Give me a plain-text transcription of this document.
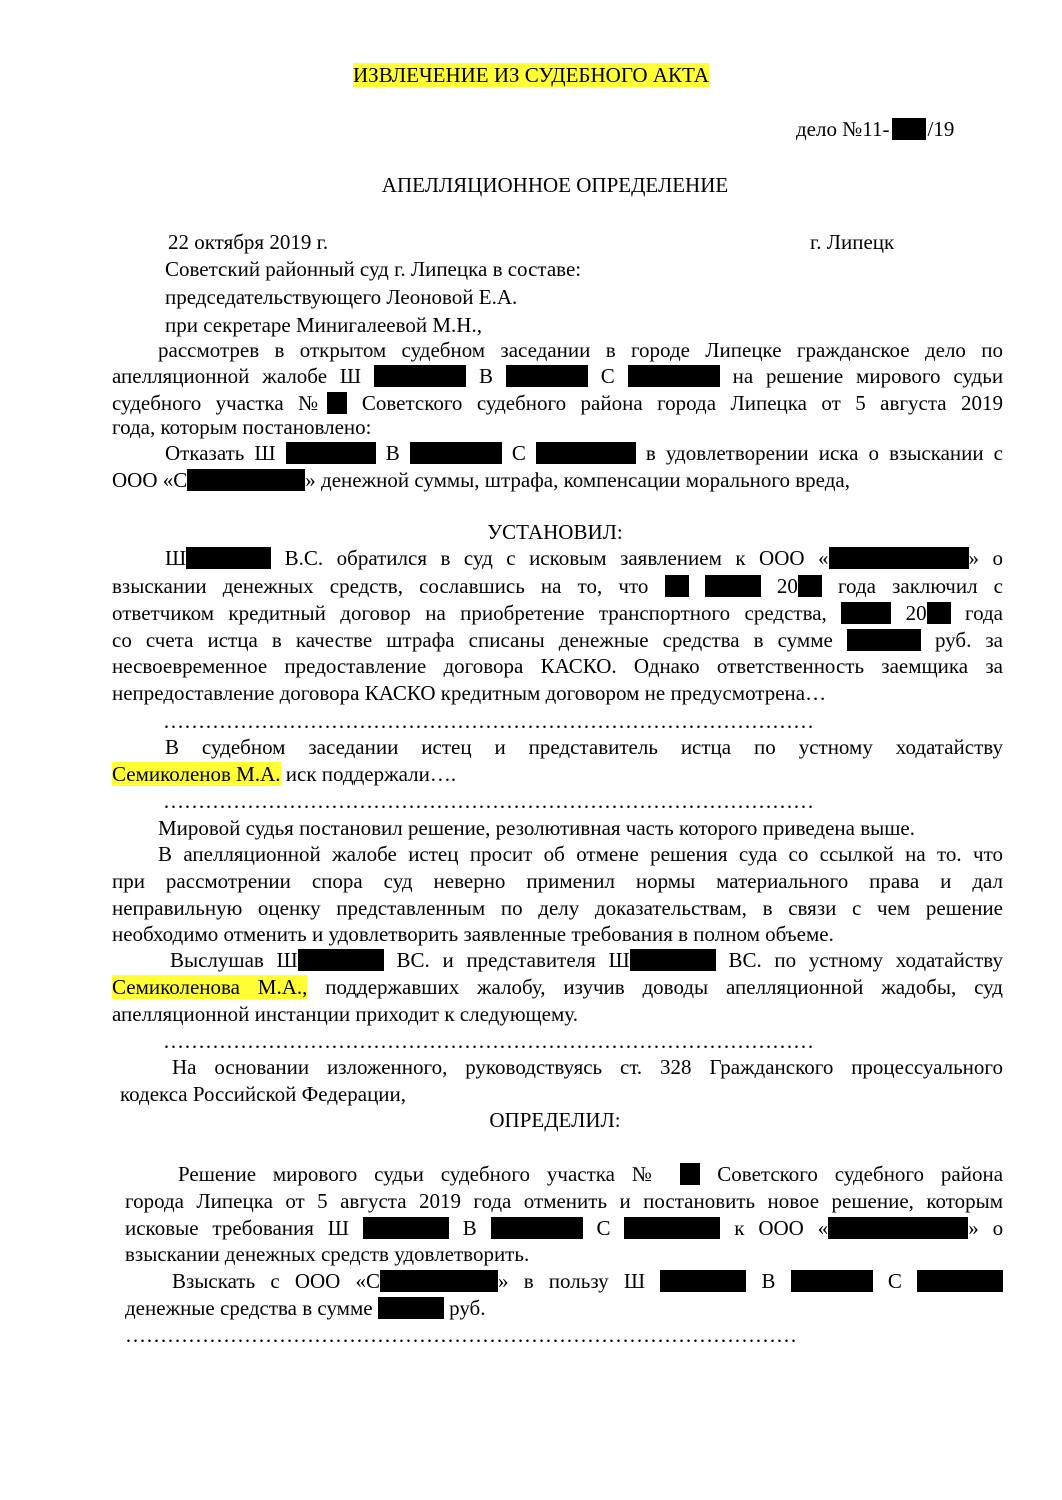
ИЗВЛЕЧЕНИЕ ИЗ СУДЕБНОГО АКТА
дело №11- /19
АПЕЛЛЯЦИОННОЕ ОПРЕДЕЛЕНИЕ
22 октября 2019 г.	г. Липецк
Советский районный суд г. Липецка в составе:
председательствующего Леоновой Е.А.
при секретаре Минигалеевой М.Н.,
рассмотрев в открытом судебном заседании в городе Липецке гражданское дело по
апелляционной жалобе Ш	В	С	на решение мирового судьи
судебного участка № Советского судебного района города Липецка от 5 августа 2019
года, которым постановлено:
Отказать Ш	В	С	в удовлетворении иска о взыскании с
ООО «С	» денежной суммы, штрафа, компенсации морального вреда,
УСТАНОВИЛ:
Ш	В.С. обратился в суд с исковым заявлением к ООО «	» о
взыскании денежных средств, сославшись на то, что	20 года заключил с
ответчиком кредитный договор на приобретение транспортного средства,	20 года
со счета истца в качестве штрафа списаны денежные средства в сумме	руб. за
несвоевременное предоставление договора КАСКО. Однако ответственность заемщика за
непредоставление договора КАСКО кредитным договором не предусмотрена…
…………………………………………………………………………………
В судебном заседании истец и представитель истца по устному ходатайству
Семиколенов М.А. иск поддержали….
…………………………………………………………………………………
Мировой судья постановил решение, резолютивная часть которого приведена выше.
В апелляционной жалобе истец просит об отмене решения суда со ссылкой на то. что
при рассмотрении спора суд неверно применил нормы материального права и дал
неправильную оценку представленным по делу доказательствам, в связи с чем решение
необходимо отменить и удовлетворить заявленные требования в полном объеме.
Выслушав Ш	ВС. и представителя Ш	ВС. по устному ходатайству
Семиколенова М.А., поддержавших жалобу, изучив доводы апелляционной жадобы, суд
апелляционной инстанции приходит к следующему.
…………………………………………………………………………………
На основании изложенного, руководствуясь ст. 328 Гражданского процессуального
кодекса Российской Федерации,
ОПРЕДЕЛИЛ:
Решение мирового судьи судебного участка №	Советского судебного района
города Липецка от 5 августа 2019 года отменить и постановить новое решение, которым
исковые требования Ш	В	С	к ООО «	» о
взыскании денежных средств удовлетворить.
Взыскать с ООО «С	» в пользу Ш	В	С
денежные средства в сумме	руб.
……………………………………………………………………………………
